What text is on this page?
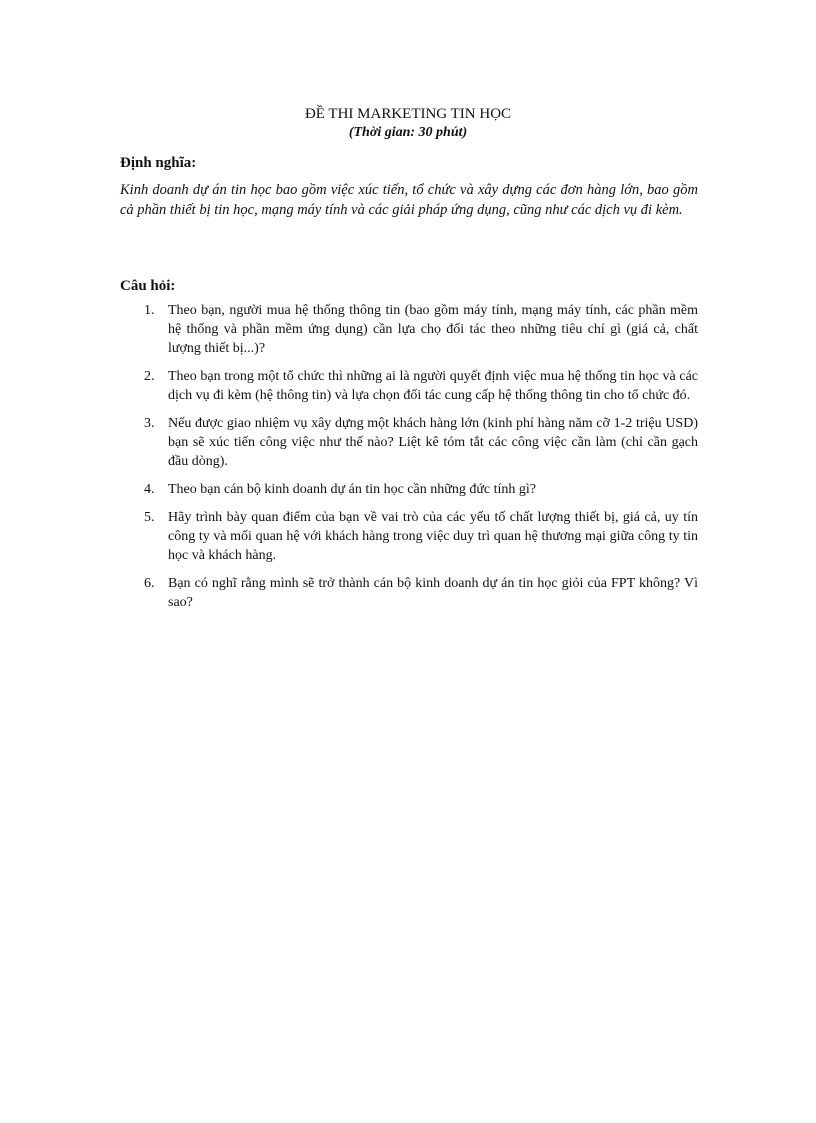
ĐỀ THI MARKETING TIN HỌC
(Thời gian: 30 phút)
Định nghĩa:
Kinh doanh dự án tin học bao gồm việc xúc tiến, tổ chức và xây dựng các đơn hàng lớn, bao gồm cả phần thiết bị tin học, mạng máy tính và các giải pháp ứng dụng, cũng như các dịch vụ đi kèm.
Câu hỏi:
1. Theo bạn, người mua hệ thống thông tin (bao gồm máy tính, mạng máy tính, các phần mềm hệ thống và phần mềm ứng dụng) cần lựa chọ đối tác theo những tiêu chí gì (giá cả, chất lượng thiết bị...)?
2. Theo bạn trong một tổ chức thì những ai là người quyết định việc mua hệ thống tin học và các dịch vụ đi kèm (hệ thông tin) và lựa chọn đối tác cung cấp hệ thống thông tin cho tổ chức đó.
3. Nếu được giao nhiệm vụ xây dựng một khách hàng lớn (kinh phí hàng năm cỡ 1-2 triệu USD) bạn sẽ xúc tiến công việc như thế nào? Liệt kê tóm tắt các công việc cần làm (chỉ cần gạch đầu dòng).
4. Theo bạn cán bộ kinh doanh dự án tin học cần những đức tính gì?
5. Hãy trình bày quan điểm của bạn về vai trò của các yếu tố chất lượng thiết bị, giá cả, uy tín công ty và mối quan hệ với khách hàng trong việc duy trì quan hệ thương mại giữa công ty tin học và khách hàng.
6. Bạn có nghĩ rằng mình sẽ trở thành cán bộ kinh doanh dự án tin học giỏi của FPT không? Vì sao?
